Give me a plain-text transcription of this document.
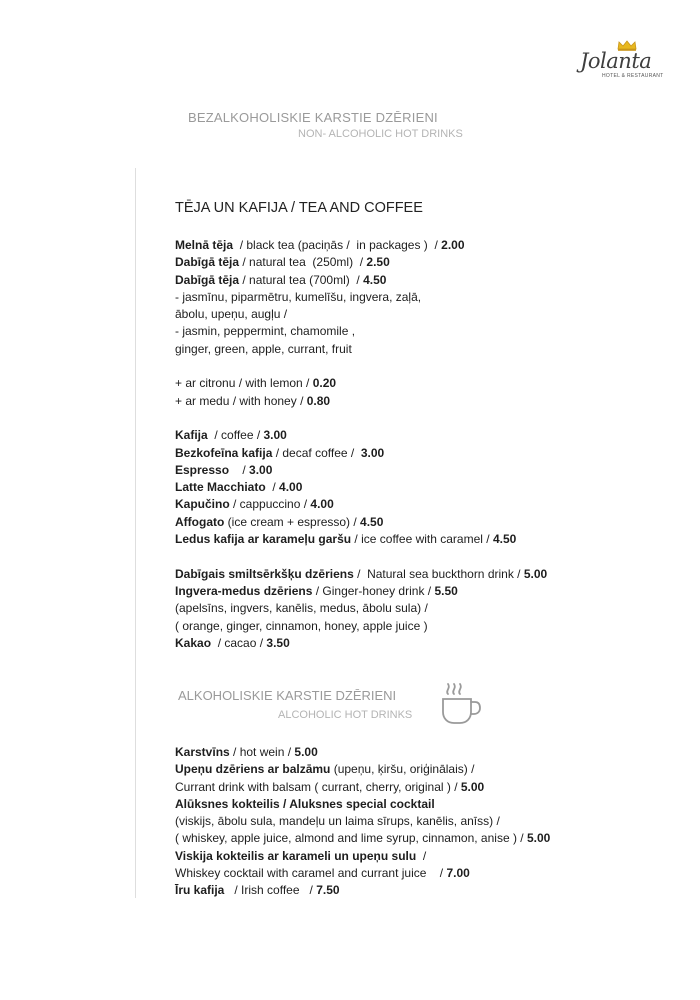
Jolanta
HOTEL & RESTAURANT
BEZALKOHOLISKIE KARSTIE DZĒRIENI
NON- ALCOHOLIC HOT DRINKS
TĒJA UN KAFIJA / TEA AND COFFEE
Melnā tēja  / black tea (paciņās /  in packages )  / 2.00
Dabīgā tēja / natural tea  (250ml)  / 2.50
Dabīgā tēja / natural tea (700ml)  / 4.50
- jasmīnu, piparmētru, kumelīšu, ingvera, zaļā,
ābolu, upeņu, augļu /
- jasmin, peppermint, chamomile ,
ginger, green, apple, currant, fruit
+ ar citronu / with lemon / 0.20
+ ar medu / with honey / 0.80
Kafija  / coffee / 3.00
Bezkofeīna kafija / decaf coffee /  3.00
Espresso    / 3.00
Latte Macchiato  / 4.00
Kapučino / cappuccino / 4.00
Affogato (ice cream + espresso) / 4.50
Ledus kafija ar karameļu garšu / ice coffee with caramel / 4.50
Dabīgais smiltsērkšķu dzēriens /  Natural sea buckthorn drink / 5.00
Ingvera-medus dzēriens / Ginger-honey drink / 5.50
(apelsīns, ingvers, kanēlis, medus, ābolu sula) /
( orange, ginger, cinnamon, honey, apple juice )
Kakao  / cacao / 3.50
ALKOHOLISKIE KARSTIE DZĒRIENI
ALCOHOLIC HOT DRINKS
Karstvīns / hot wein / 5.00
Upeņu dzēriens ar balzāmu (upeņu, ķiršu, oriģinālais) /
Currant drink with balsam ( currant, cherry, original ) / 5.00
Alūksnes kokteilis / Aluksnes special cocktail
(viskijs, ābolu sula, mandeļu un laima sīrups, kanēlis, anīss) /
( whiskey, apple juice, almond and lime syrup, cinnamon, anise ) / 5.00
Viskija kokteilis ar karameli un upeņu sulu  /
Whiskey cocktail with caramel and currant juice    / 7.00
Īru kafija   / Irish coffee   / 7.50
